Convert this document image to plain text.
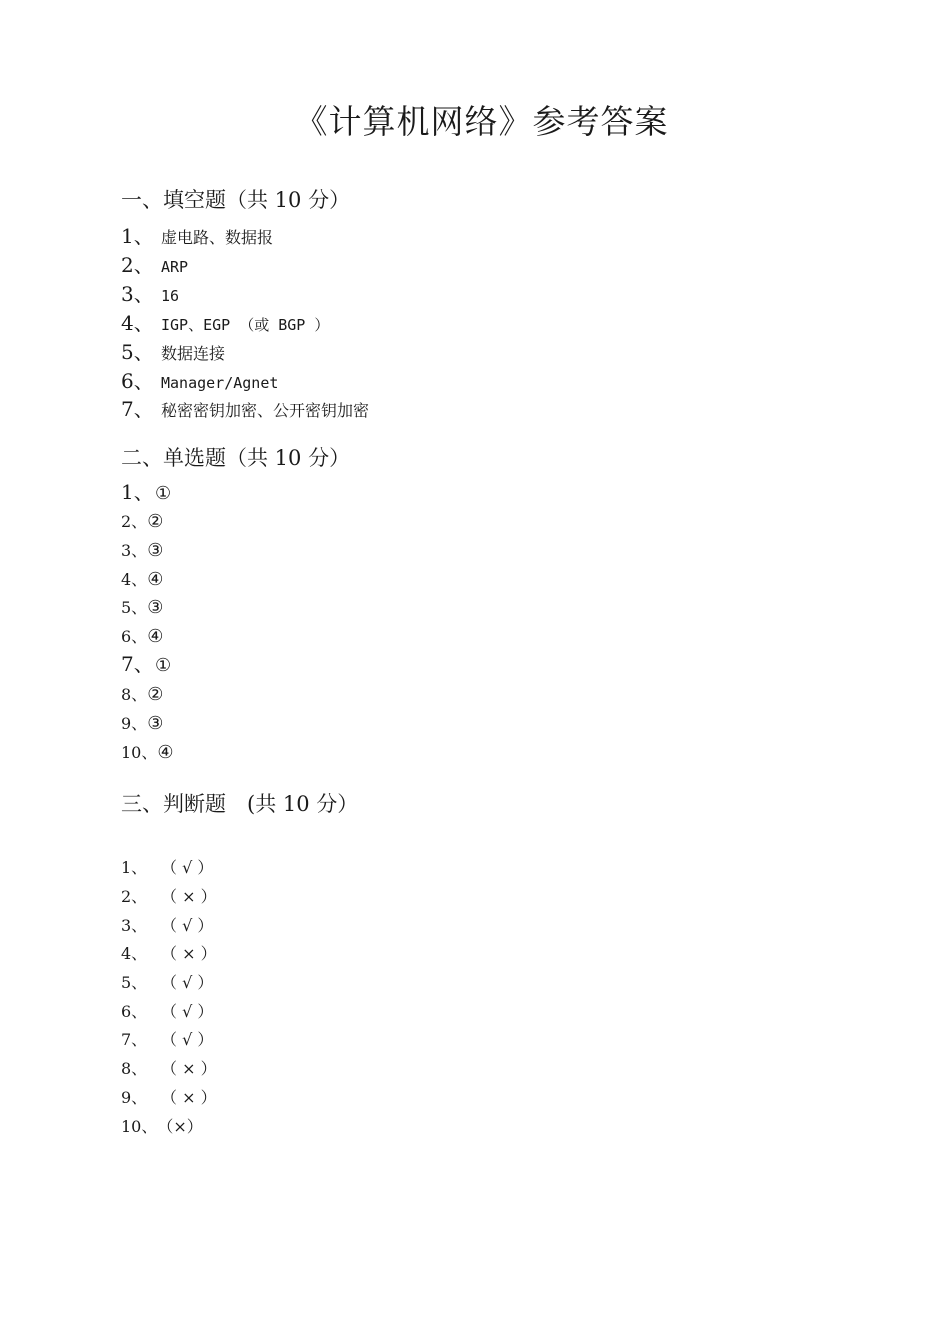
《计算机网络》参考答案
一、填空题（共 10 分）
1、 虚电路、数据报
2、 ARP
3、 16
4、 IGP、EGP （或 BGP ）
5、 数据连接
6、 Manager/Agnet
7、 秘密密钥加密、公开密钥加密
二、单选题（共 10 分）
1、①
2、②
3、③
4、④
5、③
6、④
7、①
8、②
9、③
10、④
三、判断题　(共 10 分）
1、 （ √ ）
2、 （ × ）
3、 （ √ ）
4、 （ × ）
5、 （ √ ）
6、 （ √ ）
7、 （ √ ）
8、 （ × ）
9、 （ × ）
10、（×）
